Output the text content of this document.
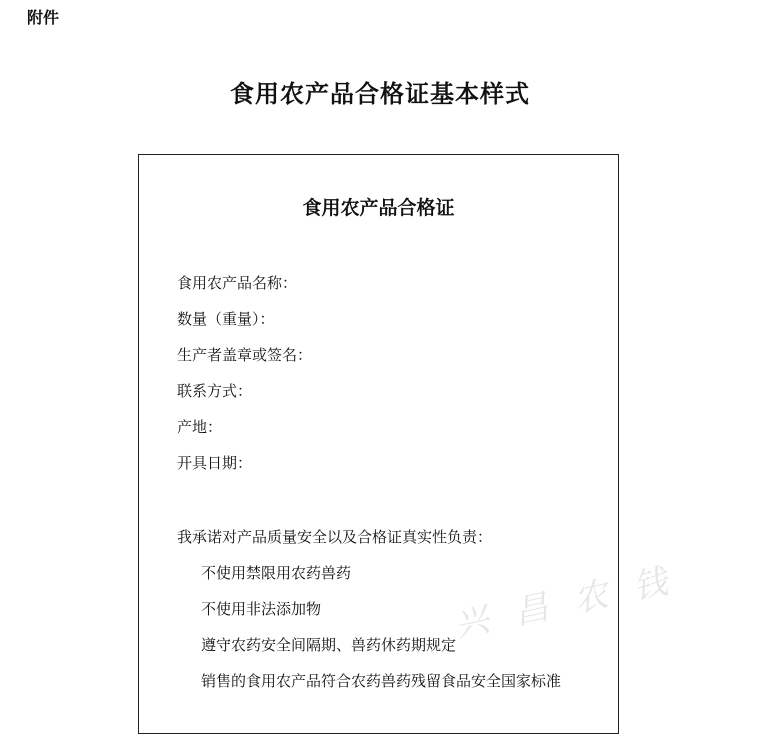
附件
食用农产品合格证基本样式
食用农产品合格证
食用农产品名称：
数量（重量）：
生产者盖章或签名：
联系方式：
产地：
开具日期：
我承诺对产品质量安全以及合格证真实性负责：
不使用禁限用农药兽药
不使用非法添加物
遵守农药安全间隔期、兽药休药期规定
销售的食用农产品符合农药兽药残留食品安全国家标准
兴 昌 农 钱
